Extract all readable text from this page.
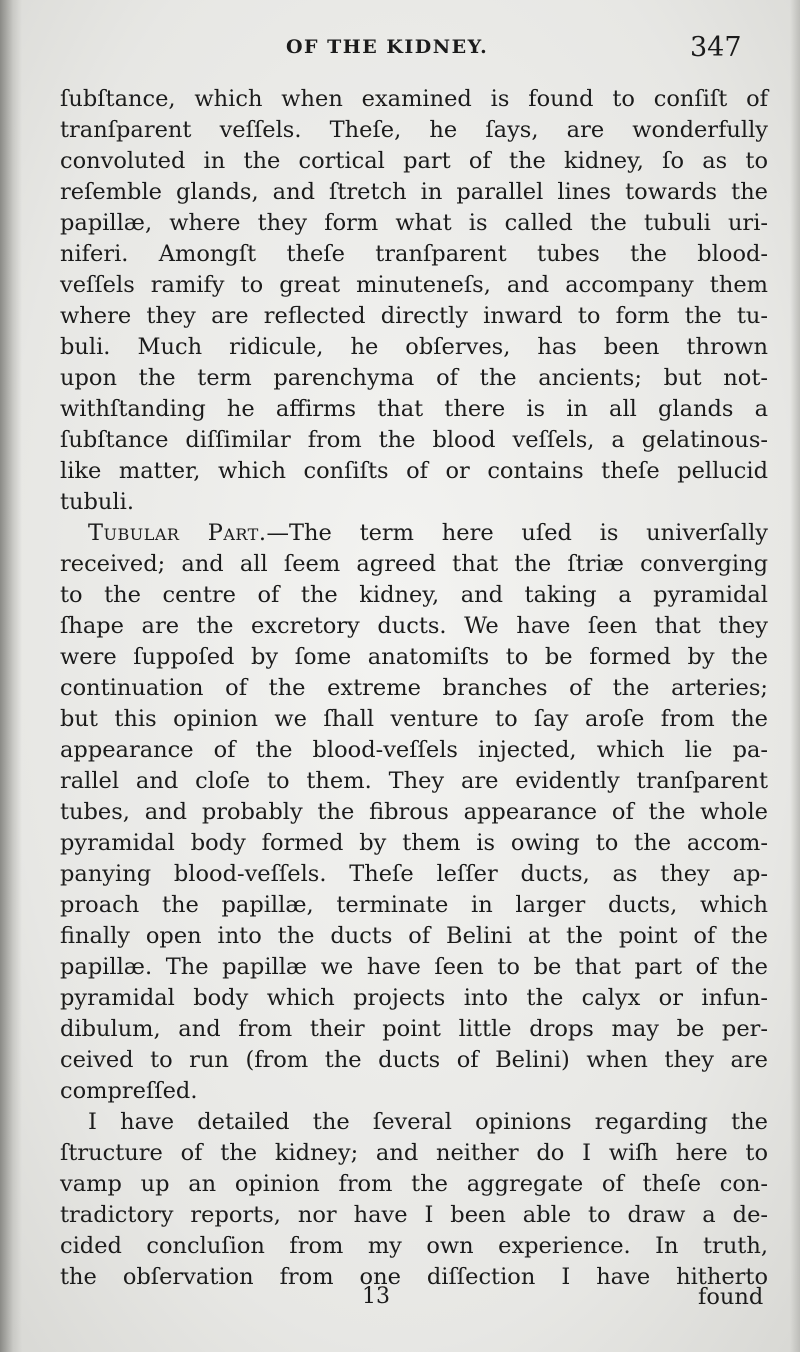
OF THE KIDNEY.	347
ſubſtance, which when examined is found to conſiſt of
tranſparent veſſels. Theſe, he ſays, are wonderfully
convoluted in the cortical part of the kidney, ſo as to
reſemble glands, and ſtretch in parallel lines towards the
papillæ, where they form what is called the tubuli uri-
niferi. Amongſt theſe tranſparent tubes the blood-
veſſels ramify to great minuteneſs, and accompany them
where they are reflected directly inward to form the tu-
buli. Much ridicule, he obſerves, has been thrown
upon the term parenchyma of the ancients; but not-
withſtanding he affirms that there is in all glands a
ſubſtance diſſimilar from the blood veſſels, a gelatinous-
like matter, which conſiſts of or contains theſe pellucid
tubuli.
Tubular Part.—The term here uſed is univerſally
received; and all ſeem agreed that the ſtriæ converging
to the centre of the kidney, and taking a pyramidal
ſhape are the excretory ducts. We have ſeen that they
were ſuppoſed by ſome anatomiſts to be formed by the
continuation of the extreme branches of the arteries;
but this opinion we ſhall venture to ſay aroſe from the
appearance of the blood-veſſels injected, which lie pa-
rallel and cloſe to them. They are evidently tranſparent
tubes, and probably the fibrous appearance of the whole
pyramidal body formed by them is owing to the accom-
panying blood-veſſels. Theſe leſſer ducts, as they ap-
proach the papillæ, terminate in larger ducts, which
finally open into the ducts of Belini at the point of the
papillæ. The papillæ we have ſeen to be that part of the
pyramidal body which projects into the calyx or infun-
dibulum, and from their point little drops may be per-
ceived to run (from the ducts of Belini) when they are
compreſſed.
I have detailed the ſeveral opinions regarding the
ſtructure of the kidney; and neither do I wiſh here to
vamp up an opinion from the aggregate of theſe con-
tradictory reports, nor have I been able to draw a de-
cided concluſion from my own experience. In truth,
the obſervation from one diſſection I have hitherto
13	found
